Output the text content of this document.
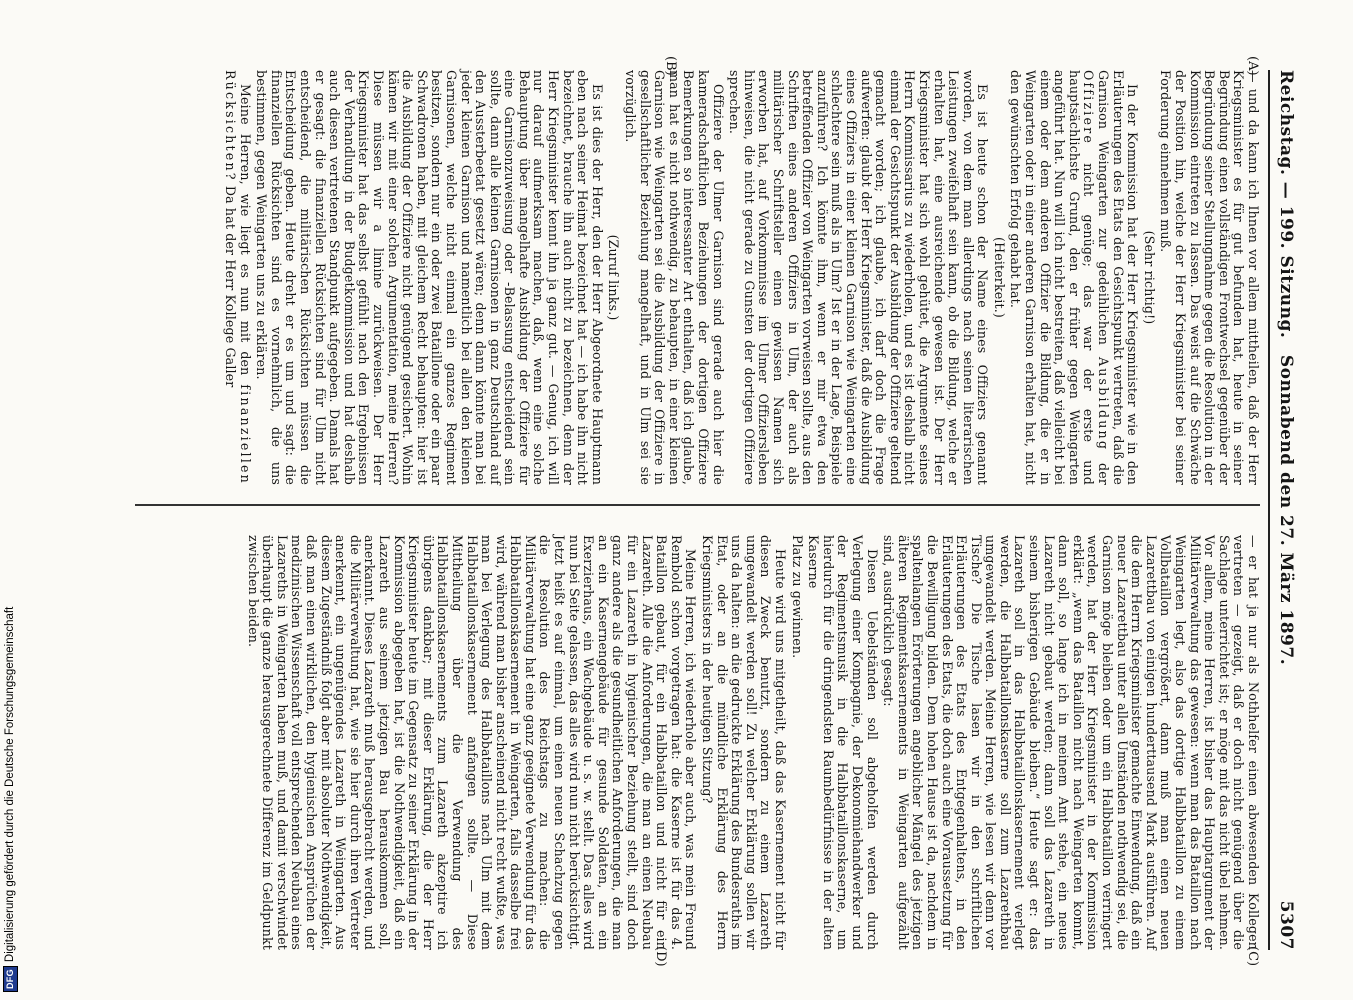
DFG
Digitalisierung gefördert durch die Deutsche Forschungsgemeinschaft
Reichstag. — 199. Sitzung.
Sonnabend den 27. März 1897.
5307
(A)
(B)
(C)
(D)

— und da kann ich Ihnen vor allem mittheilen, daß der Herr Kriegsminister es für gut befunden hat, heute in seiner Begründung einen vollständigen Frontwechsel gegenüber der Begründung seiner Stellungnahme gegen die Resolution in der Kommission eintreten zu lassen. Das weist auf die Schwäche der Position hin, welche der Herr Kriegsminister bei seiner Forderung einnehmen muß.

(Sehr richtig!)

In der Kommission hat der Herr Kriegsminister wie in den Erläuterungen des Etats den Gesichtspunkt vertreten, daß die Garnison Weingarten zur gedeihlichen Ausbildung der Offiziere nicht genüge; das war der erste und hauptsächlichste Grund, den er früher gegen Weingarten angeführt hat. Nun will ich nicht bestreiten, daß vielleicht bei einem oder dem anderen Offizier die Bildung, die er in Weingarten oder in einer anderen Garnison erhalten hat, nicht den gewünschten Erfolg gehabt hat.

(Heiterkeit.)

Es ist heute schon der Name eines Offiziers genannt worden, von dem man allerdings nach seinen literarischen Leistungen zweifelhaft sein kann, ob die Bildung, welche er erhalten hat, eine ausreichende gewesen ist. Der Herr Kriegsminister hat sich wohl gehütet, die Argumente seines Herrn Kommissarius zu wiederholen, und es ist deshalb nicht einmal der Gesichtspunkt der Ausbildung der Offiziere geltend gemacht worden; ich glaube, ich darf doch die Frage aufwerfen: glaubt der Herr Kriegsminister, daß die Ausbildung eines Offiziers in einer kleinen Garnison wie Weingarten eine schlechtere sein muß als in Ulm? Ist er in der Lage, Beispiele anzuführen? Ich könnte ihm, wenn er mir etwa den betreffenden Offizier von Weingarten vorweisen sollte, aus den Schriften eines anderen Offiziers in Ulm, der auch als militärischer Schriftsteller einen gewissen Namen sich erworben hat, auf Vorkommnisse im Ulmer Offiziersleben hinweisen, die nicht gerade zu Gunsten der dortigen Offiziere sprechen.

Offiziere der Ulmer Garnison sind gerade auch hier die kameradschaftlichen Beziehungen der dortigen Offiziere Bemerkungen so interessanter Art enthalten, daß ich glaube, man hat es nicht nothwendig, zu behaupten, in einer kleinen Garnison wie Weingarten sei die Ausbildung der Offiziere in gesellschaftlicher Beziehung mangelhaft, und in Ulm sei sie vorzüglich.

(Zuruf links.)

Es ist dies der Herr, den der Herr Abgeordnete Hauptmann eben nach seiner Heimat bezeichnet hat — ich habe ihn nicht bezeichnet, brauche ihn auch nicht zu bezeichnen, denn der Herr Kriegsminister kennt ihn ja ganz gut. — Genug, ich will nur darauf aufmerksam machen, daß, wenn eine solche Behauptung über mangelhafte Ausbildung der Offiziere für eine Garnisonzuweisung oder -Belassung entscheidend sein sollte, dann alle kleinen Garnisonen in ganz Deutschland auf den Aussterbeetat gesetzt wären; denn dann könnte man bei jeder kleinen Garnison und namentlich bei allen den kleinen Garnisonen, welche nicht einmal ein ganzes Regiment besitzen, sondern nur ein oder zwei Bataillone oder ein paar Schwadronen haben, mit gleichem Recht behaupten: hier ist die Ausbildung der Offiziere nicht genügend gesichert. Wohin kämen wir mit einer solchen Argumentation, meine Herren? Diese müssen wir a limine zurückweisen. Der Herr Kriegsminister hat das selbst gefühlt nach den Ergebnissen der Verhandlung in der Budgetkommission und hat deshalb auch diesen vertretenen Standpunkt aufgegeben. Damals hat er gesagt: die finanziellen Rücksichten sind für Ulm nicht entscheidend, die militärischen Rücksichten müssen die Entscheidung geben. Heute dreht er es um und sagt: die finanziellen Rücksichten sind es vornehmlich, die uns bestimmen, gegen Weingarten uns zu erklären.

Meine Herren, wie liegt es nun mit den finanziellen Rücksichten? Da hat der Herr Kollege Galler

— er hat ja nur als Nothhelfer einen abwesenden Kollegen vertreten — gezeigt, daß er doch nicht genügend über die Sachlage unterrichtet ist; er möge mit das nicht übel nehmen. Vor allem, meine Herren, ist bisher das Hauptargument der Militärverwaltung das gewesen: wenn man das Bataillon nach Weingarten legt, also das dortige Halbbataillon zu einem Vollbataillon vergrößert, dann muß man einen neuen Lazarettbau von einigen hunderttausend Mark ausführen. Auf die dem Herrn Kriegsminister gemachte Einwendung, daß ein neuer Lazarettbau unter allen Umständen nothwendig sei, die Garnison möge bleiben oder um ein Halbbataillon verringert werden, hat der Herr Kriegsminister in der Kommission erklärt: „wenn das Bataillon nicht nach Weingarten kommt, dann soll, so lange ich in meinem Amt stehe, ein neues Lazareth nicht gebaut werden; dann soll das Lazareth in seinem bisherigen Gebäude bleiben.“ Heute sagt er: das Lazareth soll in das Halbbataillonskasernement verlegt werden, die Halbbataillonskaserne soll zum Lazarethbau umgewandelt werden. Meine Herren, wie lesen wir denn vor Tische? Die Tische lasen wir in den schriftlichen Erläuterungen des Etats des Entgegenhaltens, in den Erläuterungen des Etats, die doch auch eine Voraussetzung für die Bewilligung bilden. Dem hohen Hause ist da, nachdem in spaltenlangen Erörterungen angeblicher Mängel des jetzigen älteren Regimentskasernements in Weingarten aufgezählt sind, ausdrücklich gesagt:

Diesen Uebelständen soll abgeholfen werden durch Verlegung einer Kompagnie, der Dekonomiehandwerker und der Regimentsmusik in die Halbbataillonskaserne, um hierdurch für die dringendsten Raumbedürfnisse in der alten Kaserne

Platz zu gewinnen.

Heute wird uns mitgetheilt, daß das Kasernement nicht für diesen Zweck benutzt, sondern zu einem Lazareth umgewandelt werden soll! Zu welcher Erklärung sollen wir uns da halten: an die gedruckte Erklärung des Bundesraths im Etat, oder an die mündliche Erklärung des Herrn Kriegsministers in der heutigen Sitzung?

Meine Herren, ich wiederhole aber auch, was mein Freund Rembold schon vorgetragen hat: die Kaserne ist für das 4. Bataillon gebaut, für ein Halbbataillon und nicht für ein Lazareth. Alle die Anforderungen, die man an einen Neubau für ein Lazareth in hygienischer Beziehung stellt, sind doch ganz andere als die gesundheitlichen Anforderungen, die man an ein Kasernengebäude für gesunde Soldaten, an ein Exerzierhaus, ein Wachgebäude u. s. w. stellt. Das alles wird nun bei Seite gelassen, das alles wird nun nicht berücksichtigt. Jetzt heißt es auf einmal, um einen neuen Schachzug gegen die Resolution des Reichstags zu machen: die Militärverwaltung hat eine ganz geeignete Verwendung für das Halbbataillonskasernement in Weingarten, falls dasselbe frei wird, während man bisher anscheinend nicht recht wußte, was man bei Verlegung des Halbbataillons nach Ulm mit dem Halbbataillonskasernement anfangen sollte. — Diese Mittheilung über die Verwendung des Halbbataillonskasernements zum Lazareth akzeptire ich übrigens dankbar; mit dieser Erklärung, die der Herr Kriegsminister heute im Gegensatz zu seiner Erklärung in der Kommission abgegeben hat, ist die Nothwendigkeit, daß ein Lazareth aus seinem jetzigen Bau herauskommen soll, anerkannt. Dieses Lazareth muß herausgebracht werden, und die Militärverwaltung hat, wie sie hier durch ihren Vertreter anerkennt, ein ungenügendes Lazareth in Weingarten. Aus diesem Zugeständniß folgt aber mit absoluter Nothwendigkeit, daß man einen wirklichen, den hygienischen Ansprüchen der medizinischen Wissenschaft voll entsprechenden Neubau eines Lazareths in Weingarten haben muß, und damit verschwindet überhaupt die ganze herausgerechnete Differenz im Geldpunkt zwischen beiden.
